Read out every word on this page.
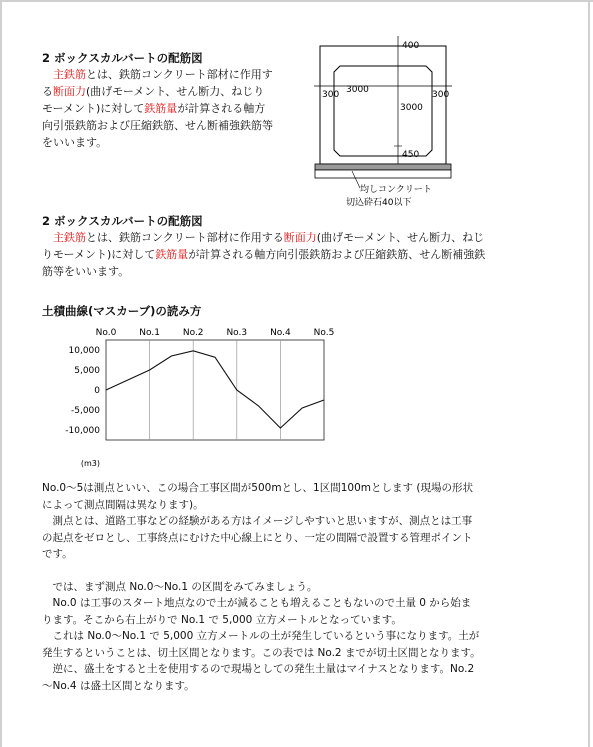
2 ボックスカルバートの配筋図
　主鉄筋とは、鉄筋コンクリート部材に作用す
る断面力(曲げモーメント、せん断力、ねじり
モーメント)に対して鉄筋量が計算される軸方
向引張鉄筋および圧縮鉄筋、せん断補強鉄筋等
をいいます。
400
300 3000	300
3000
450
均しコンクリート
切込砕石40以下
2 ボックスカルバートの配筋図
　主鉄筋とは、鉄筋コンクリート部材に作用する断面力(曲げモーメント、せん断力、ねじ
りモーメント)に対して鉄筋量が計算される軸方向引張鉄筋および圧縮鉄筋、せん断補強鉄
筋等をいいます。
土積曲線(マスカーブ)の読み方
No.0	No.1	No.2	No.3	No.4	No.5
10,000
5,000
0
-5,000
-10,000
(m3)
No.0～5は測点といい、この場合工事区間が500mとし、1区間100mとします (現場の形状
によって測点間隔は異なります)。
　測点とは、道路工事などの経験がある方はイメージしやすいと思いますが、測点とは工事
の起点をゼロとし、工事終点にむけた中心線上にとり、一定の間隔で設置する管理ポイント
です。
　では、まず測点 No.0～No.1 の区間をみてみましょう。
　No.0 は工事のスタート地点なので土が減ることも増えることもないので土量 0 から始ま
ります。そこから右上がりで No.1 で 5,000 立方メートルとなっています。
　これは No.0～No.1 で 5,000 立方メートルの土が発生しているという事になります。土が
発生するということは、切土区間となります。この表では No.2 までが切土区間となります。
　逆に、盛土をすると土を使用するので現場としての発生土量はマイナスとなります。No.2
～No.4 は盛土区間となります。
